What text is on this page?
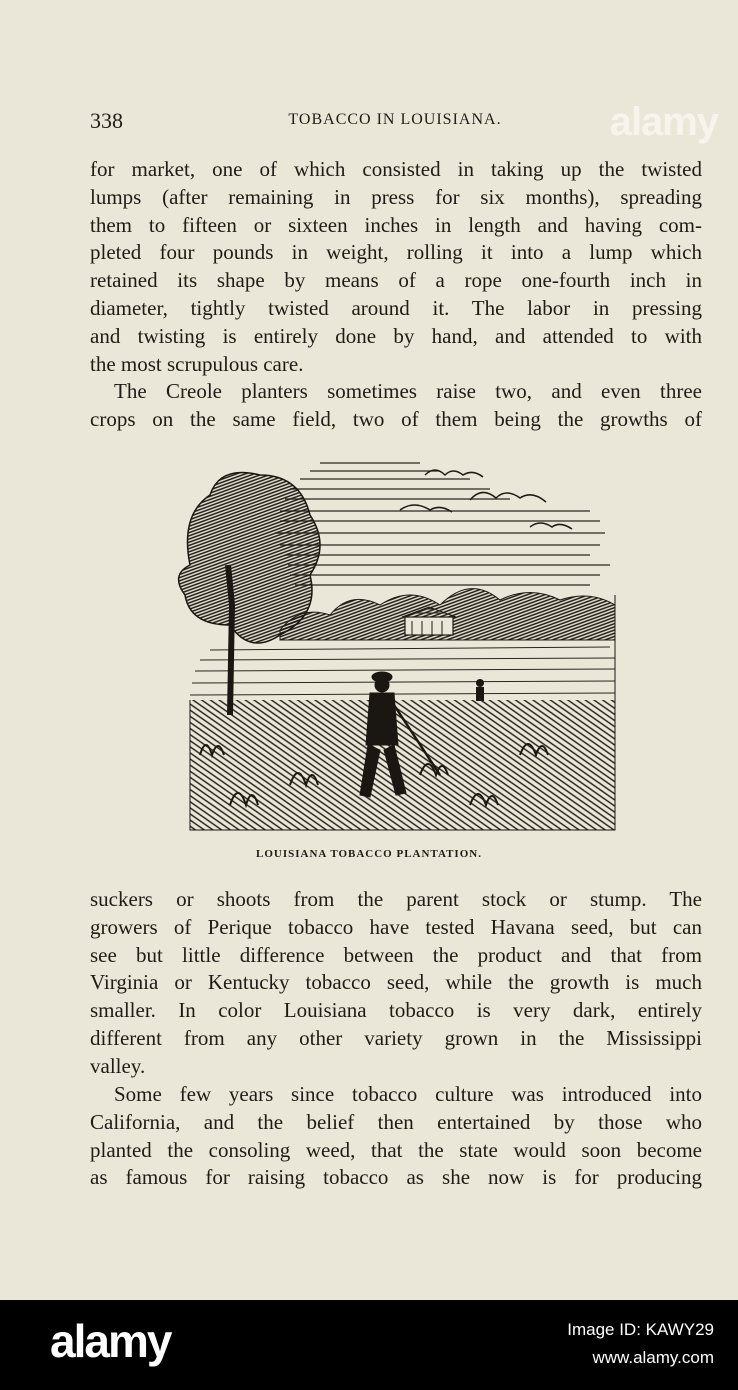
338	TOBACCO IN LOUISIANA.	alamy

for market, one of which consisted in taking up the twisted
lumps (after remaining in press for six months), spreading
them to fifteen or sixteen inches in length and having com-
pleted four pounds in weight, rolling it into a lump which
retained its shape by means of a rope one-fourth inch in
diameter, tightly twisted around it. The labor in pressing
and twisting is entirely done by hand, and attended to with
the most scrupulous care.

The Creole planters sometimes raise two, and even three
crops on the same field, two of them being the growths of

LOUISIANA TOBACCO PLANTATION.

suckers or shoots from the parent stock or stump. The
growers of Perique tobacco have tested Havana seed, but can
see but little difference between the product and that from
Virginia or Kentucky tobacco seed, while the growth is much
smaller. In color Louisiana tobacco is very dark, entirely
different from any other variety grown in the Mississippi
valley.

Some few years since tobacco culture was introduced into
California, and the belief then entertained by those who
planted the consoling weed, that the state would soon become
as famous for raising tobacco as she now is for producing

alamy	Image ID: KAWY29
www.alamy.com
